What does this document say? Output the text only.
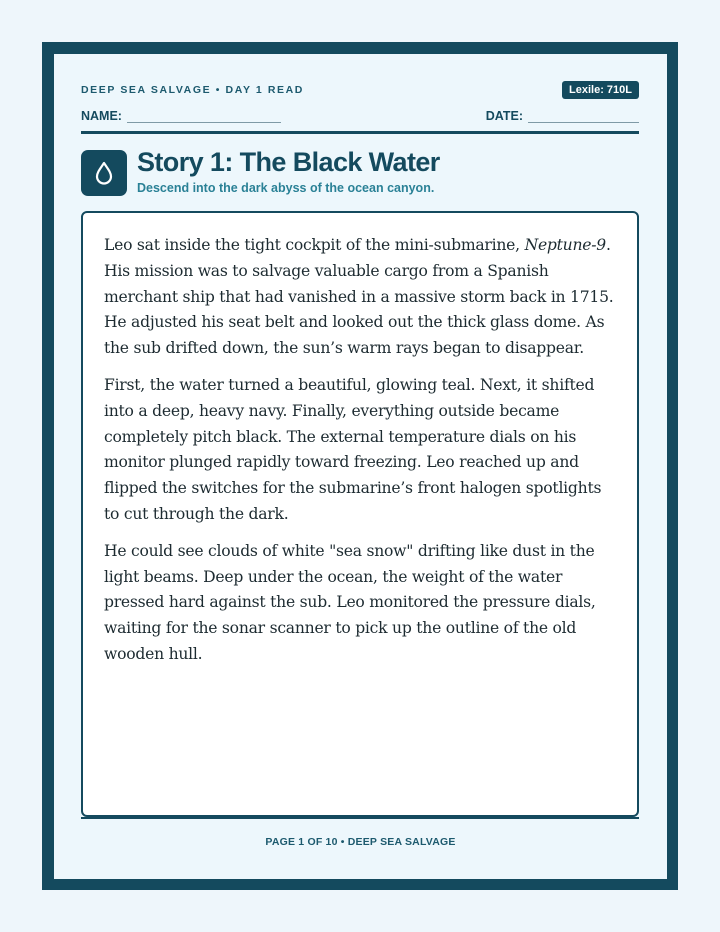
DEEP SEA SALVAGE • DAY 1 READ	Lexile: 710L
NAME:	DATE:
Story 1: The Black Water
Descend into the dark abyss of the ocean canyon.

Leo sat inside the tight cockpit of the mini-submarine, Neptune-9. His mission was to salvage valuable cargo from a Spanish merchant ship that had vanished in a massive storm back in 1715. He adjusted his seat belt and looked out the thick glass dome. As the sub drifted down, the sun’s warm rays began to disappear.

First, the water turned a beautiful, glowing teal. Next, it shifted into a deep, heavy navy. Finally, everything outside became completely pitch black. The external temperature dials on his monitor plunged rapidly toward freezing. Leo reached up and flipped the switches for the submarine’s front halogen spotlights to cut through the dark.

He could see clouds of white "sea snow" drifting like dust in the light beams. Deep under the ocean, the weight of the water pressed hard against the sub. Leo monitored the pressure dials, waiting for the sonar scanner to pick up the outline of the old wooden hull.

PAGE 1 OF 10 • DEEP SEA SALVAGE
